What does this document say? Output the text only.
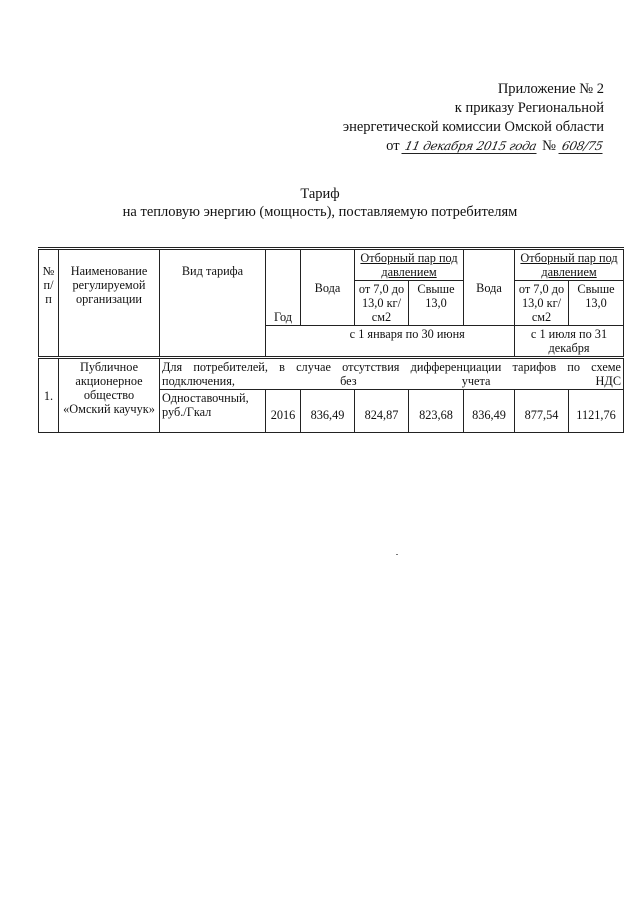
Приложение № 2
к приказу Региональной
энергетической комиссии Омской области
от 11 декабря 2015 года № 608/75
Тариф
на тепловую энергию (мощность), поставляемую потребителям
№ п/п	Наименование регулируемой организации	Вид тарифа	Год	Вода	Отборный пар под давлением		Вода	Отборный пар под давлением	
					от 7,0 до 13,0 кг/см2	Свыше 13,0		от 7,0 до 13,0 кг/см2	Свыше 13,0
				с 1 января по 30 июня				с 1 июля по 31 декабря	
1.	Публичное акционерное общество «Омский каучук»	Для потребителей, в случае отсутствия дифференциации тарифов по схеме подключения, без учета НДС							
		Одноставочный, руб./Гкал	2016	836,49	824,87	823,68	836,49	877,54	1121,76
